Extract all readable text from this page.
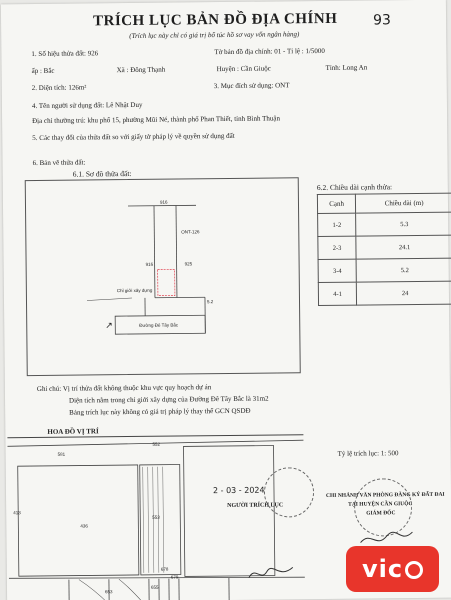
TRÍCH LỤC BẢN ĐỒ ĐỊA CHÍNH
(Trích lục này chỉ có giá trị bổ túc hồ sơ vay vốn ngân hàng)
93
1. Số hiệu thửa đất: 926	Tờ bản đồ địa chính: 01 - Tỉ lệ : 1/5000
ấp : Bắc	Xã : Đông Thạnh	Huyện : Cần Giuộc	Tỉnh: Long An
2. Diện tích: 126m²	3. Mục đích sử dụng: ONT
4. Tên người sử dụng đất: Lê Nhật Duy
Địa chỉ thường trú: khu phố 15, phường Mũi Né, thành phố Phan Thiết, tỉnh Bình Thuận
5. Các thay đổi của thửa đất so với giấy tờ pháp lý về quyền sử dụng đất
6. Bản vẽ thửa đất:
6.1. Sơ đồ thửa đất:
6.2. Chiều dài cạnh thửa:
916
ONT-126
916	925
Chỉ giới xây dựng
5.2
Đường Đê Tây Bắc
↗
Cạnh	Chiều dài (m)
1-2	5.3
2-3	24.1
3-4	5.2
4-1	24
Ghi chú: Vị trí thửa đất không thuộc khu vực quy hoạch dự án
Diện tích nằm trong chỉ giới xây dựng của Đường Đê Tây Bắc là 31m2
Bảng trích lục này không có giá trị pháp lý thay thế GCN QSDĐ
HOA ĐỒ VỊ TRÍ
581
552
436
553
413
653
655
678
679
Tỷ lệ trích lục: 1: 500
2 - 03 - 2024
NGƯỜI TRÍCH LỤC
CHI NHÁNH VĂN PHÒNG ĐĂNG KÝ ĐẤT ĐAI
TẠI HUYỆN CẦN GIUỘC
GIÁM ĐỐC
vi c
